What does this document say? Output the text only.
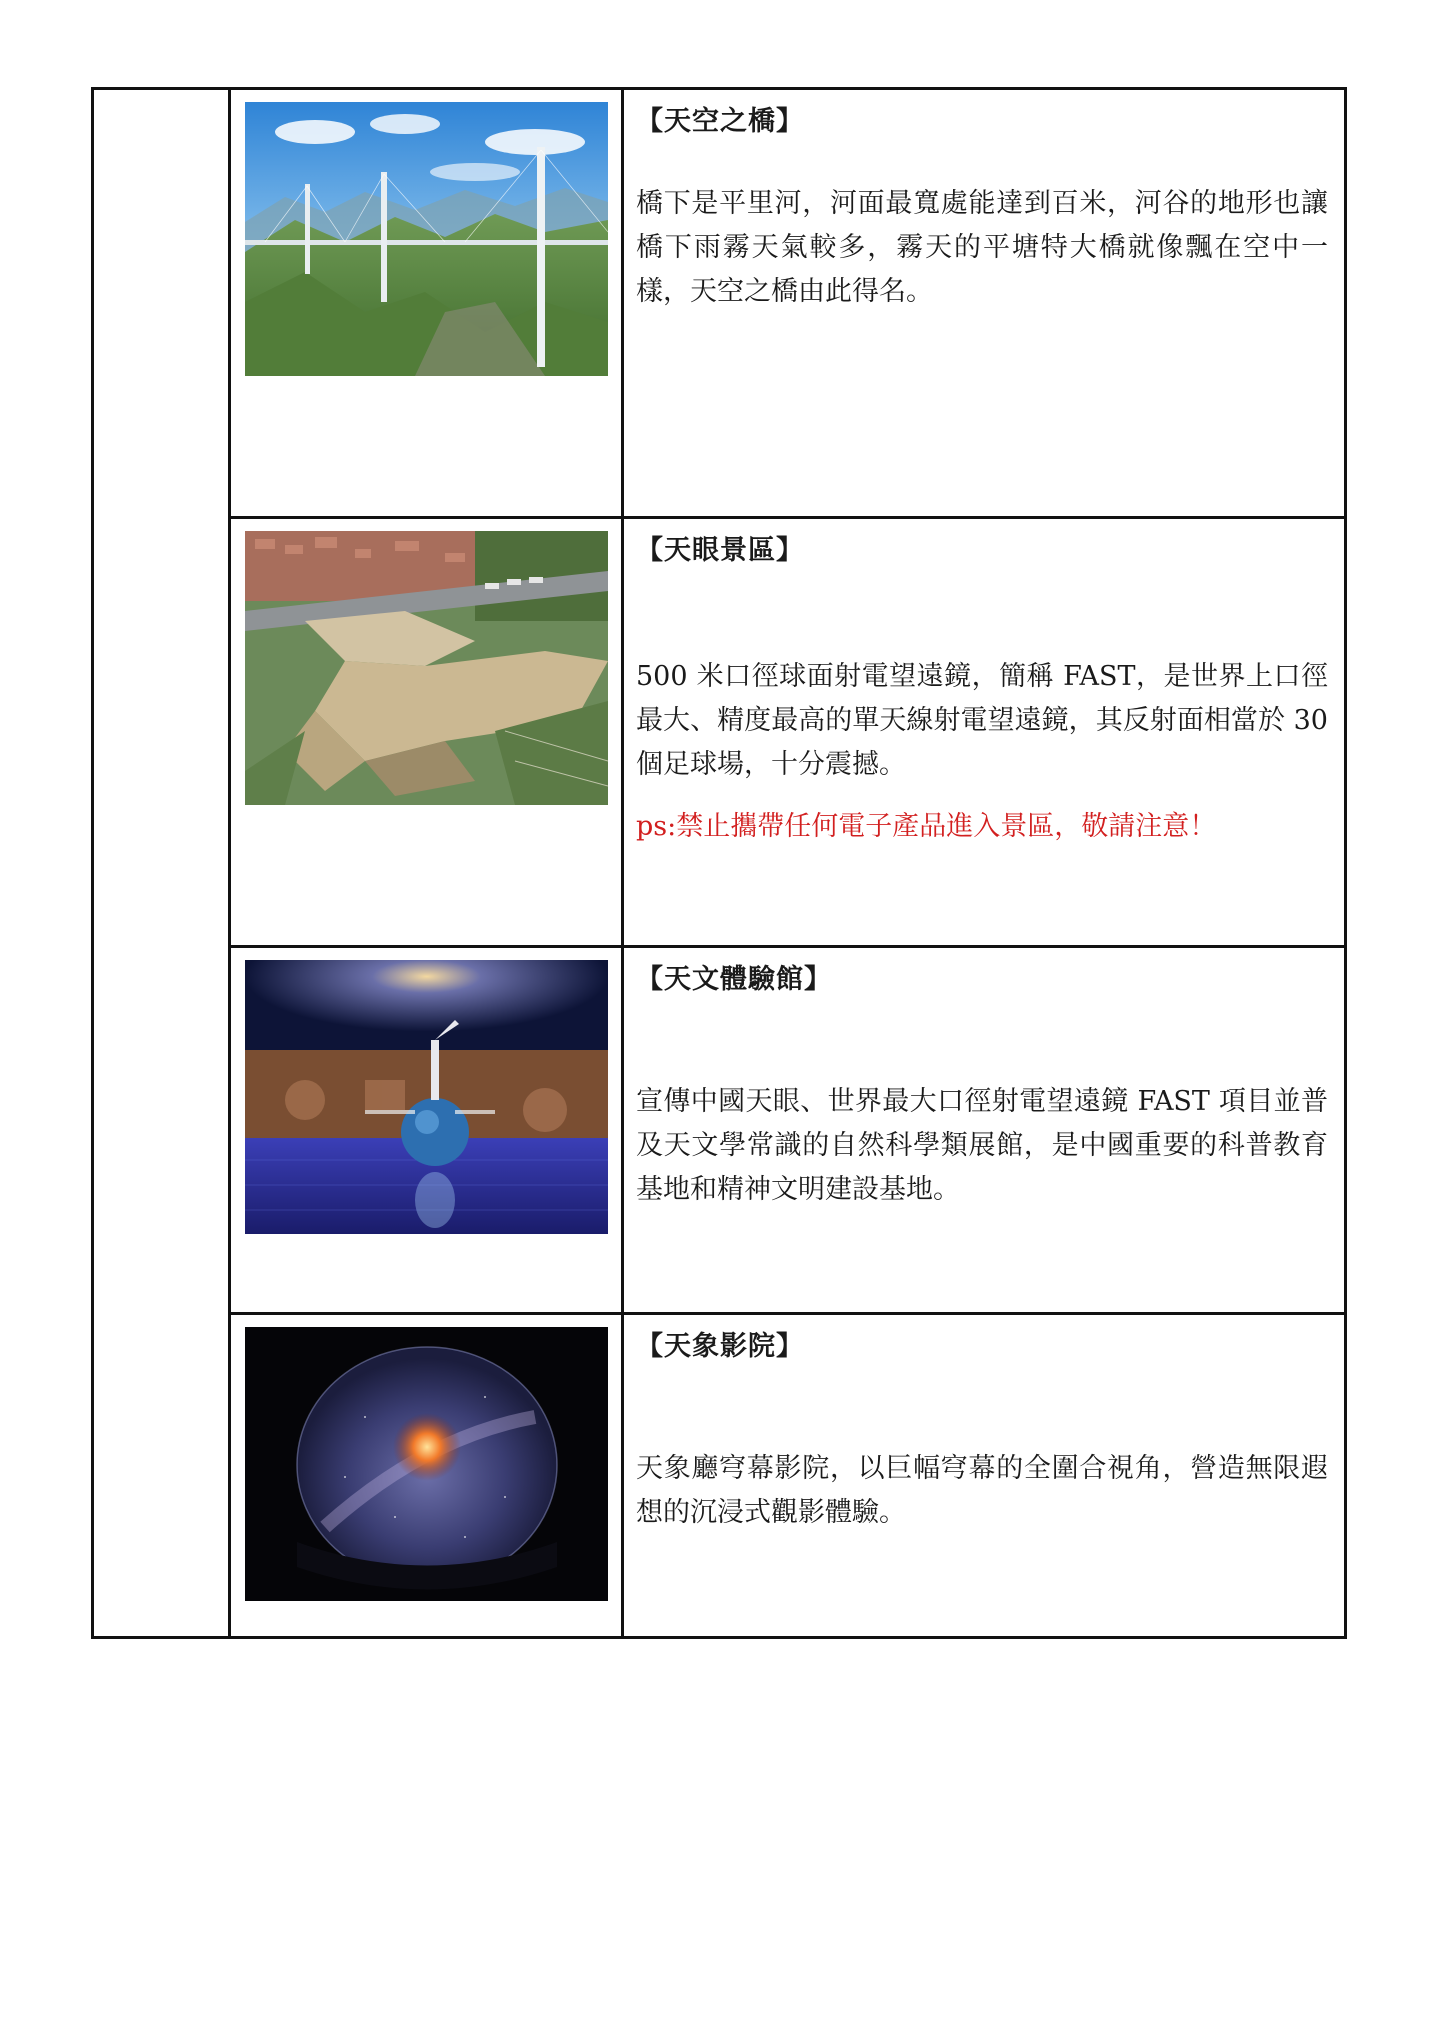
【天空之橋】

橋下是平里河，河面最寬處能達到百米，河谷的地形也讓橋下雨霧天氣較多，霧天的平塘特大橋就像飄在空中一樣，天空之橋由此得名。

【天眼景區】

500 米口徑球面射電望遠鏡，簡稱 FAST，是世界上口徑最大、精度最高的單天線射電望遠鏡，其反射面相當於 30 個足球場，十分震撼。

ps:禁止攜帶任何電子產品進入景區，敬請注意！

【天文體驗館】

宣傳中國天眼、世界最大口徑射電望遠鏡 FAST 項目並普及天文學常識的自然科學類展館，是中國重要的科普教育基地和精神文明建設基地。

【天象影院】

天象廳穹幕影院，以巨幅穹幕的全圍合視角，營造無限遐想的沉浸式觀影體驗。
